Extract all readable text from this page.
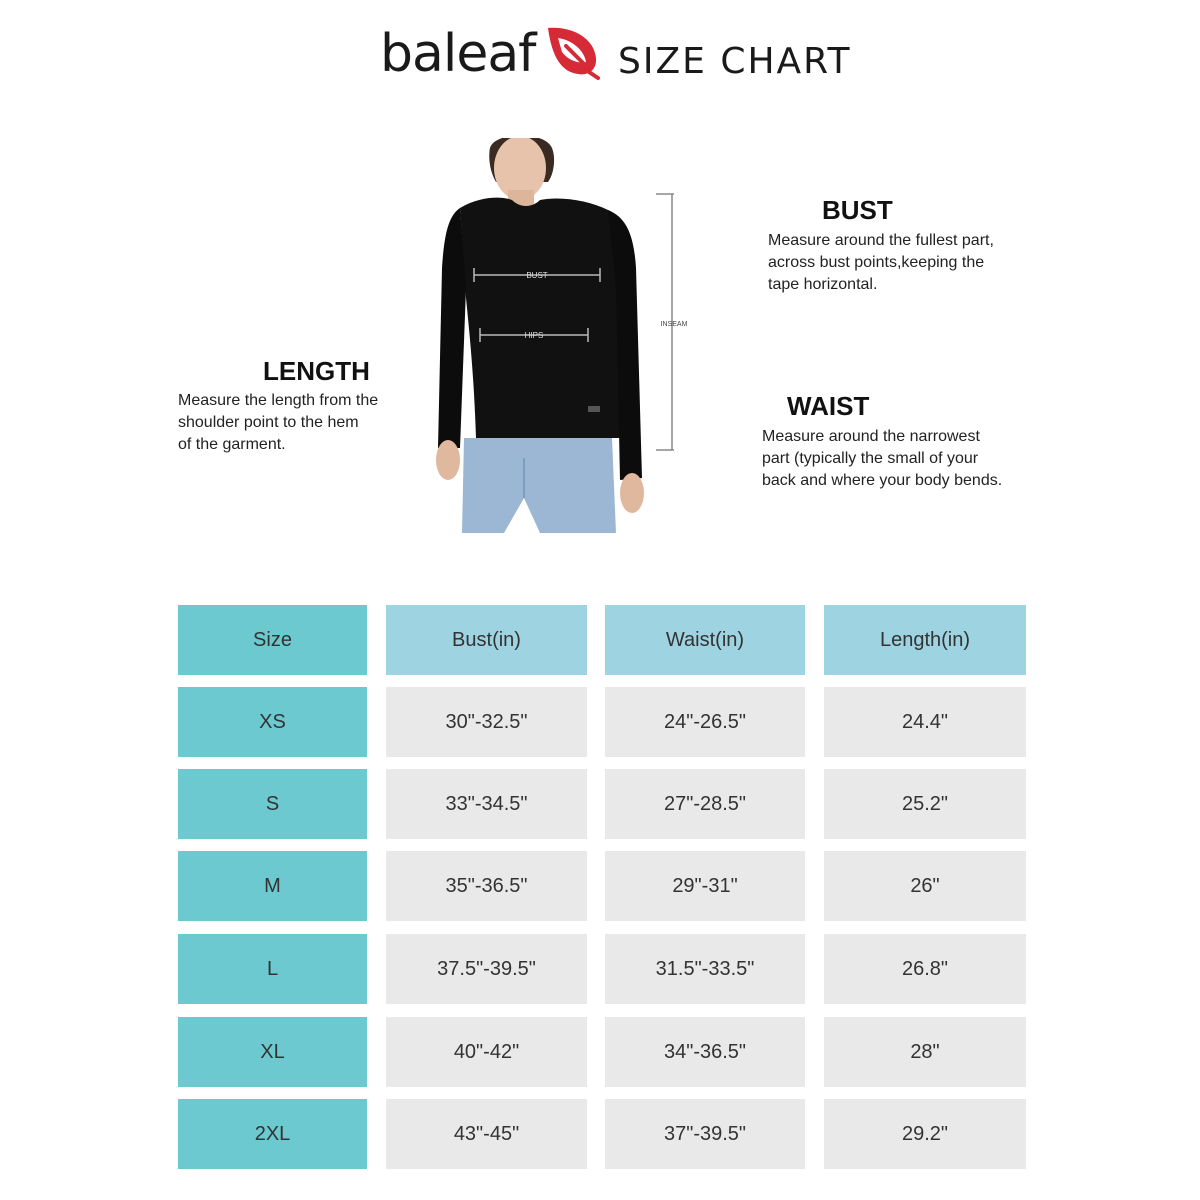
baleaf SIZE CHART
BUST
HIPS
INSEAM
BUST
Measure around the fullest part,
across bust points,keeping the
tape horizontal.
LENGTH
Measure the length from the
shoulder point to the hem
of the garment.
WAIST
Measure around the narrowest
part (typically the small of your
back and where your body bends.
Size	Bust(in)	Waist(in)	Length(in)
XS	30"-32.5"	24"-26.5"	24.4"
S	33"-34.5"	27"-28.5"	25.2"
M	35"-36.5"	29"-31"	26"
L	37.5"-39.5"	31.5"-33.5"	26.8"
XL	40"-42"	34"-36.5"	28"
2XL	43"-45"	37"-39.5"	29.2"
